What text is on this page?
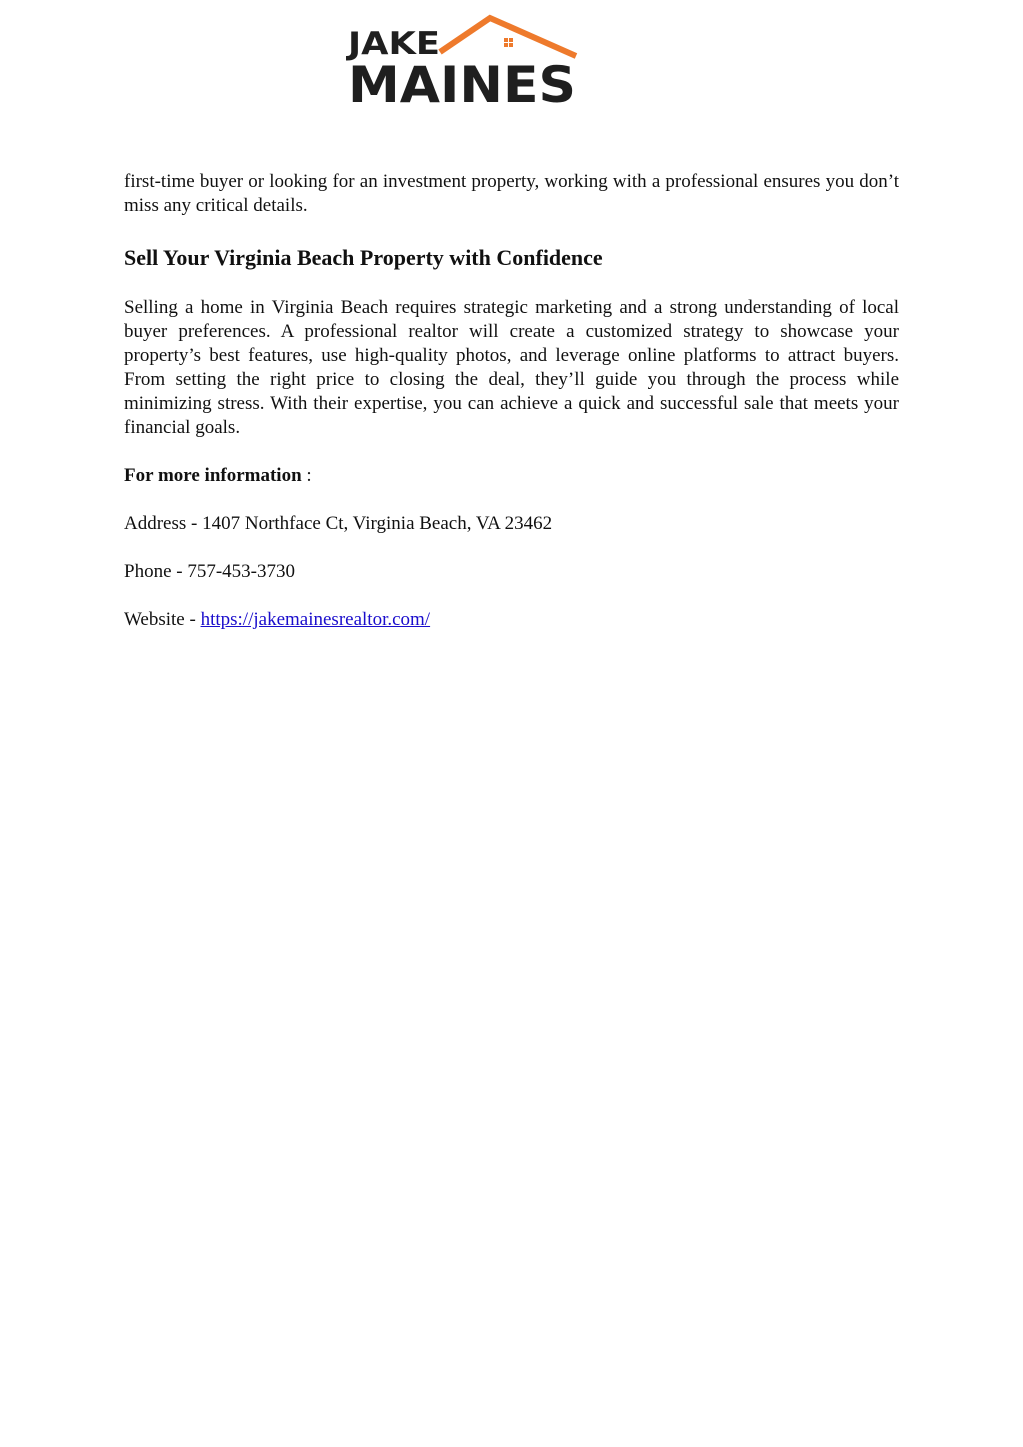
JAKE
MAINES

first-time buyer or looking for an investment property, working with a professional ensures you don’t miss any critical details.

Sell Your Virginia Beach Property with Confidence

Selling a home in Virginia Beach requires strategic marketing and a strong understanding of local buyer preferences. A professional realtor will create a customized strategy to showcase your property’s best features, use high-quality photos, and leverage online platforms to attract buyers. From setting the right price to closing the deal, they’ll guide you through the process while minimizing stress. With their expertise, you can achieve a quick and successful sale that meets your financial goals.

For more information :

Address - 1407 Northface Ct, Virginia Beach, VA 23462

Phone - 757-453-3730

Website - https://jakemainesrealtor.com/
